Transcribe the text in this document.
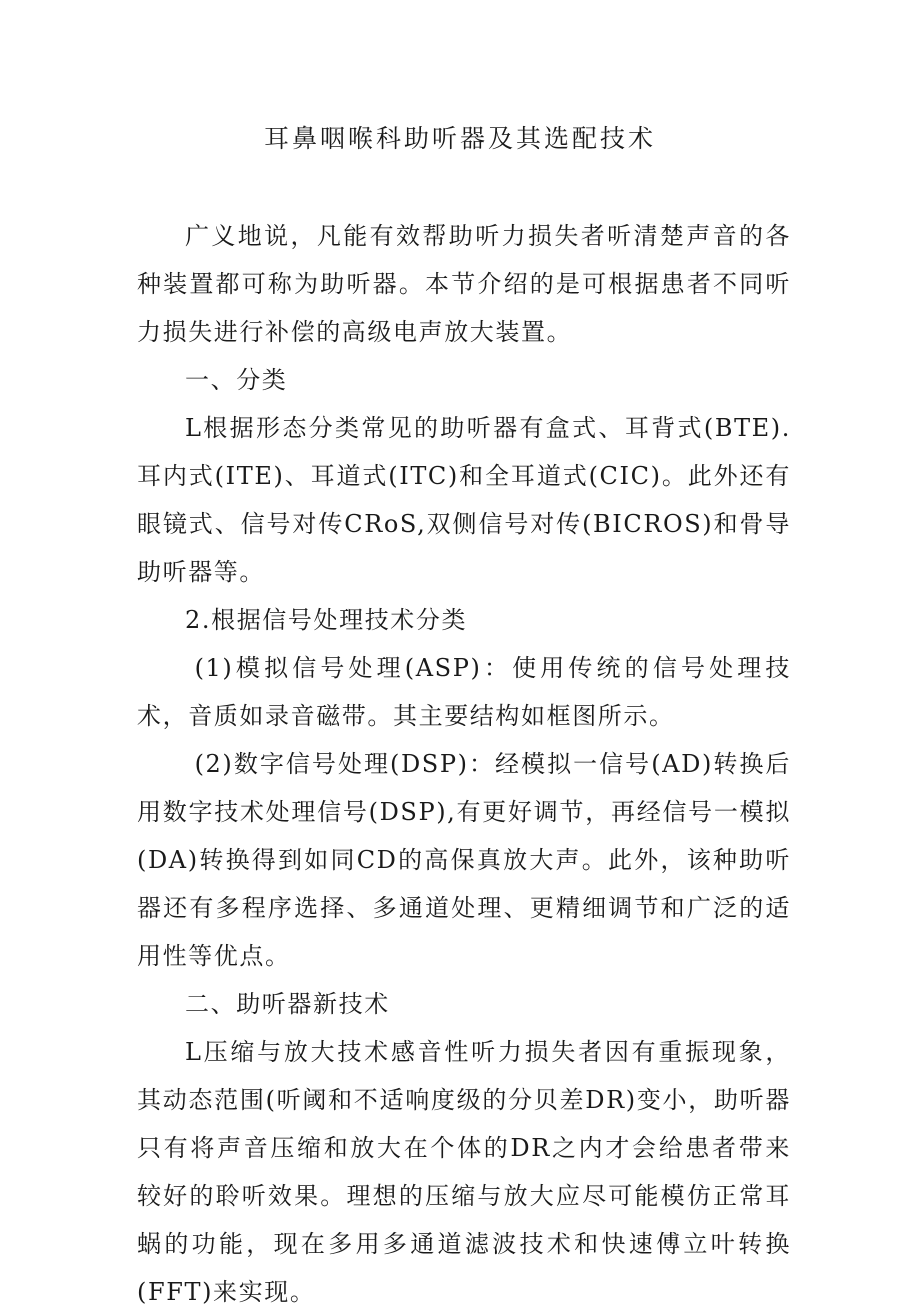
耳鼻咽喉科助听器及其选配技术

广义地说，凡能有效帮助听力损失者听清楚声音的各种装置都可称为助听器。本节介绍的是可根据患者不同听力损失进行补偿的高级电声放大装置。

一、分类

L根据形态分类常见的助听器有盒式、耳背式(BTE).耳内式(ITE)、耳道式(ITC)和全耳道式(CIC)。此外还有眼镜式、信号对传CRoS,双侧信号对传(BICROS)和骨导助听器等。

2.根据信号处理技术分类

(1)模拟信号处理(ASP)：使用传统的信号处理技术，音质如录音磁带。其主要结构如框图所示。

(2)数字信号处理(DSP)：经模拟一信号(AD)转换后用数字技术处理信号(DSP),有更好调节，再经信号一模拟(DA)转换得到如同CD的高保真放大声。此外，该种助听器还有多程序选择、多通道处理、更精细调节和广泛的适用性等优点。

二、助听器新技术

L压缩与放大技术感音性听力损失者因有重振现象，其动态范围(听阈和不适响度级的分贝差DR)变小，助听器只有将声音压缩和放大在个体的DR之内才会给患者带来较好的聆听效果。理想的压缩与放大应尽可能模仿正常耳蜗的功能，现在多用多通道滤波技术和快速傅立叶转换(FFT)来实现。
